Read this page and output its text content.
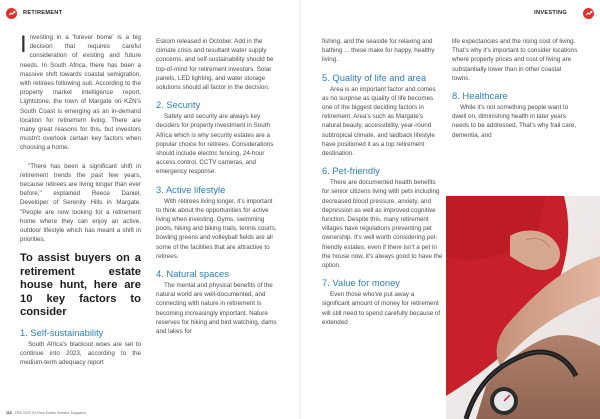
RETIREMENT	INVESTING

Investing in a 'forever home' is a big decision that requires careful consideration of existing and future needs. In South Africa, there has been a massive shift towards coastal semigration, with retirees following suit. According to the property market intelligence report, Lightstone, the town of Margate on KZN's South Coast is emerging as an in-demand location for retirement living. There are many great reasons for this, but investors mustn't overlook certain key factors when choosing a home.

"There has been a significant shift in retirement trends the past few years, because retirees are living longer than ever before," explained Reece Daniel, Developer of Serenity Hills in Margate. "People are now looking for a retirement home where they can enjoy an active, outdoor lifestyle which has meant a shift in priorities.

To assist buyers on a retirement estate house hunt, here are 10 key factors to consider
1. Self-sustainability

South Africa's blackout woes are set to continue into 2023, according to the medium-term adequacy report

Eskom released in October. Add in the climate crisis and resultant water supply concerns, and self-sustainability should be top-of-mind for retirement investors. Solar panels, LED lighting, and water storage solutions should all factor in the decision.

2. Security

Safety and security are always key deciders for property investment in South Africa which is why security estates are a popular choice for retirees. Considerations should include electric fencing, 24-hour access control, CCTV cameras, and emergency response.

3. Active lifestyle

With retirees living longer, it's important to think about the opportunities for active living when investing. Gyms, swimming pools, hiking and biking trails, tennis courts, bowling greens and volleyball fields are all some of the facilities that are attractive to retirees.

4. Natural spaces

The mental and physical benefits of the natural world are well-documented, and connecting with nature in retirement is becoming increasingly important. Nature reserves for hiking and bird watching, dams and lakes for

fishing, and the seaside for relaxing and bathing ... these make for happy, healthy living.

5. Quality of life and area

Area is an important factor and comes as no surprise as quality of life becomes one of the biggest deciding factors in retirement. Area's such as Margate's natural beauty, accessibility, year-round subtropical climate, and laidback lifestyle have positioned it as a top retirement destination.

6. Pet-friendly

There are documented health benefits for senior citizens living with pets including decreased blood pressure, anxiety, and depression as well as improved cognitive function. Despite this, many retirement villages have regulations preventing pet ownership. It's well worth considering pet-friendly estates, even if there isn't a pet in the house now, it's always good to have the option.

7. Value for money

Even those who've put away a significant amount of money for retirement will still need to spend carefully because of extended

life expectancies and the rising cost of living. That's why it's important to consider locations where property prices and cost of living are substantially lower than in other coastal towns.

8. Healthcare

While it's not something people want to dwell on, diminishing health in later years needs to be addressed. That's why frail care, dementia, and

110 FEB 2023 SA Real Estate Investor Magazine
